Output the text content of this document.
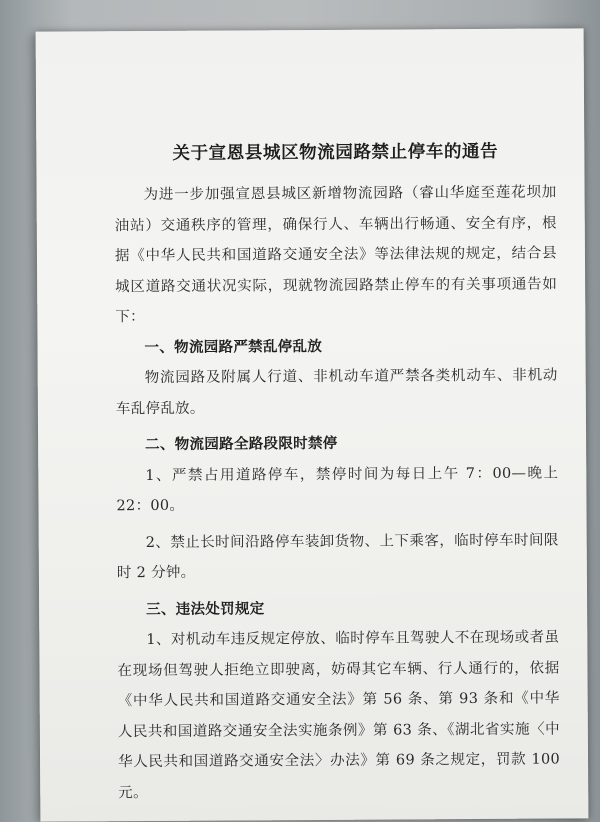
关于宣恩县城区物流园路禁止停车的通告

为进一步加强宣恩县城区新增物流园路（睿山华庭至莲花坝加油站）交通秩序的管理，确保行人、车辆出行畅通、安全有序，根据《中华人民共和国道路交通安全法》等法律法规的规定，结合县城区道路交通状况实际，现就物流园路禁止停车的有关事项通告如下：

一、物流园路严禁乱停乱放

物流园路及附属人行道、非机动车道严禁各类机动车、非机动车乱停乱放。

二、物流园路全路段限时禁停

1、严禁占用道路停车，禁停时间为每日上午 7：00—晚上 22：00。

2、禁止长时间沿路停车装卸货物、上下乘客，临时停车时间限时 2 分钟。

三、违法处罚规定

1、对机动车违反规定停放、临时停车且驾驶人不在现场或者虽在现场但驾驶人拒绝立即驶离，妨碍其它车辆、行人通行的，依据《中华人民共和国道路交通安全法》第 56 条、第 93 条和《中华人民共和国道路交通安全法实施条例》第 63 条、《湖北省实施〈中华人民共和国道路交通安全法〉办法》第 69 条之规定，罚款 100 元。
